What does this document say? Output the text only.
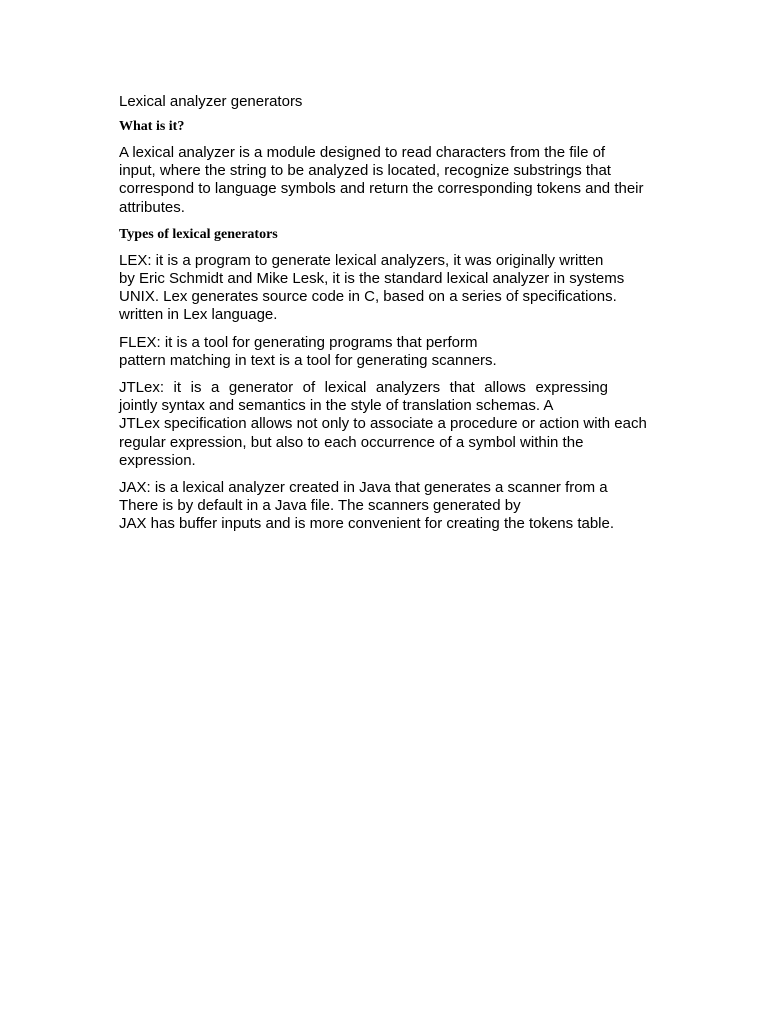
Lexical analyzer generators
What is it?
A lexical analyzer is a module designed to read characters from the file of
input, where the string to be analyzed is located, recognize substrings that
correspond to language symbols and return the corresponding tokens and their
attributes.
Types of lexical generators
LEX: it is a program to generate lexical analyzers, it was originally written
by Eric Schmidt and Mike Lesk, it is the standard lexical analyzer in systems
UNIX. Lex generates source code in C, based on a series of specifications.
written in Lex language.
FLEX: it is a tool for generating programs that perform
pattern matching in text is a tool for generating scanners.
JTLex: it is a generator of lexical analyzers that allows expressing
jointly syntax and semantics in the style of translation schemas. A
JTLex specification allows not only to associate a procedure or action with each
regular expression, but also to each occurrence of a symbol within the
expression.
JAX: is a lexical analyzer created in Java that generates a scanner from a
There is by default in a Java file. The scanners generated by
JAX has buffer inputs and is more convenient for creating the tokens table.
